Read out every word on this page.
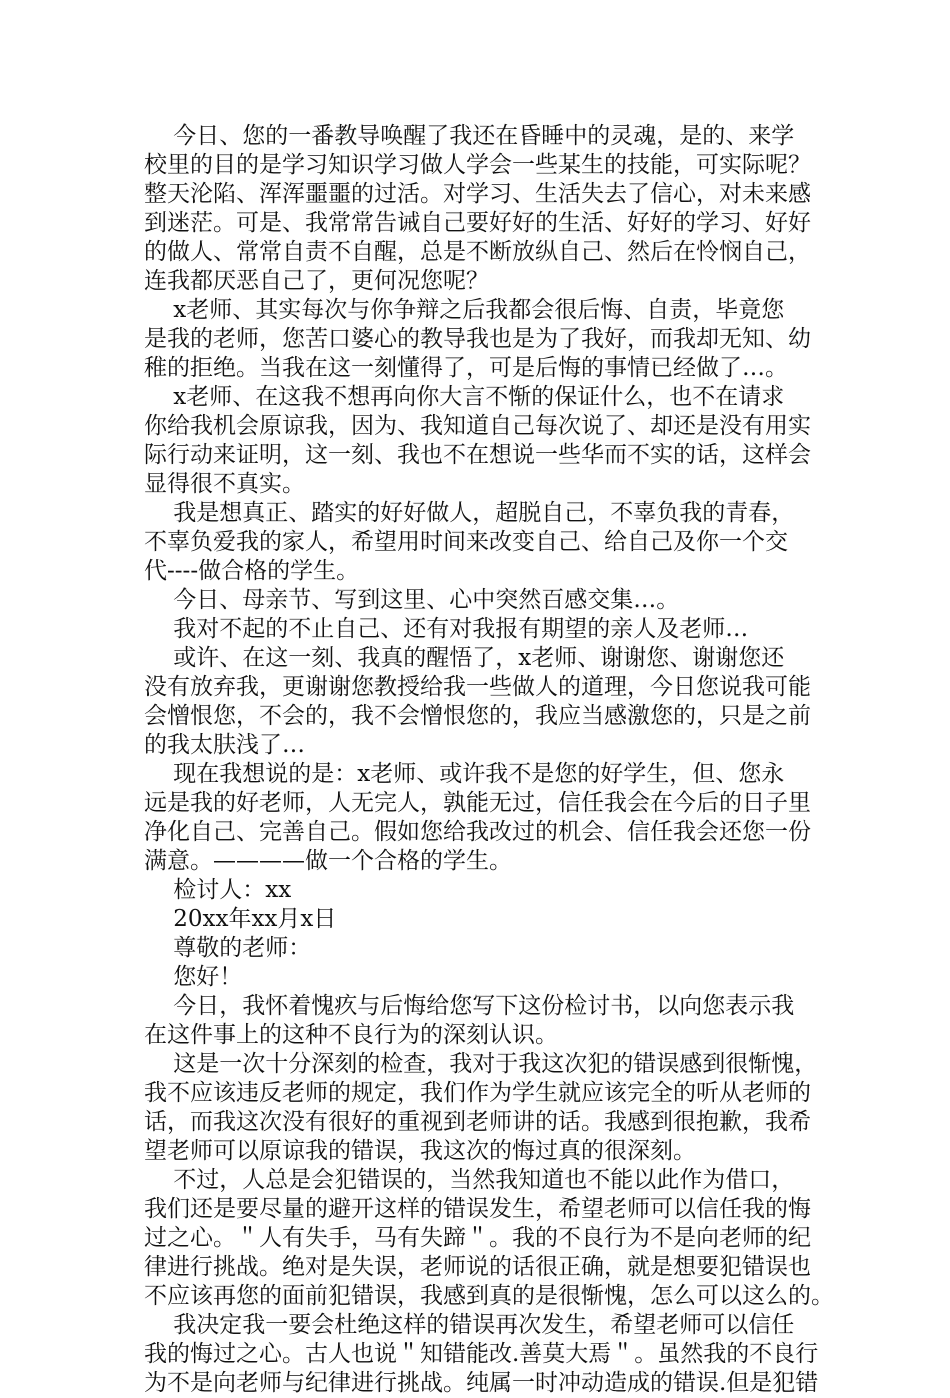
今日、您的一番教导唤醒了我还在昏睡中的灵魂，是的、来学
校里的目的是学习知识学习做人学会一些某生的技能，可实际呢？
整天沦陷、浑浑噩噩的过活。对学习、生活失去了信心，对未来感
到迷茫。可是、我常常告诫自己要好好的生活、好好的学习、好好
的做人、常常自责不自醒，总是不断放纵自己、然后在怜悯自己，
连我都厌恶自己了，更何况您呢？
x老师、其实每次与你争辩之后我都会很后悔、自责，毕竟您
是我的老师，您苦口婆心的教导我也是为了我好，而我却无知、幼
稚的拒绝。当我在这一刻懂得了，可是后悔的事情已经做了…。
x老师、在这我不想再向你大言不惭的保证什么，也不在请求
你给我机会原谅我，因为、我知道自己每次说了、却还是没有用实
际行动来证明，这一刻、我也不在想说一些华而不实的话，这样会
显得很不真实。
我是想真正、踏实的好好做人，超脱自己，不辜负我的青春，
不辜负爱我的家人，希望用时间来改变自己、给自己及你一个交
代----做合格的学生。
今日、母亲节、写到这里、心中突然百感交集…。
我对不起的不止自己、还有对我报有期望的亲人及老师…
或许、在这一刻、我真的醒悟了，x老师、谢谢您、谢谢您还
没有放弃我，更谢谢您教授给我一些做人的道理，今日您说我可能
会憎恨您，不会的，我不会憎恨您的，我应当感激您的，只是之前
的我太肤浅了…
现在我想说的是：x老师、或许我不是您的好学生，但、您永
远是我的好老师，人无完人，孰能无过，信任我会在今后的日子里
净化自己、完善自己。假如您给我改过的机会、信任我会还您一份
满意。————做一个合格的学生。
检讨人：xx
20xx年xx月x日
尊敬的老师：
您好！
今日，我怀着愧疚与后悔给您写下这份检讨书，以向您表示我
在这件事上的这种不良行为的深刻认识。
这是一次十分深刻的检查，我对于我这次犯的错误感到很惭愧，
我不应该违反老师的规定，我们作为学生就应该完全的听从老师的
话，而我这次没有很好的重视到老师讲的话。我感到很抱歉，我希
望老师可以原谅我的错误，我这次的悔过真的很深刻。
不过，人总是会犯错误的，当然我知道也不能以此作为借口，
我们还是要尽量的避开这样的错误发生，希望老师可以信任我的悔
过之心。＂人有失手，马有失蹄＂。我的不良行为不是向老师的纪
律进行挑战。绝对是失误，老师说的话很正确，就是想要犯错误也
不应该再您的面前犯错误，我感到真的是很惭愧，怎么可以这么的。
我决定我一要会杜绝这样的错误再次发生，希望老师可以信任
我的悔过之心。古人也说＂知错能改.善莫大焉＂。虽然我的不良行
为不是向老师与纪律进行挑战。纯属一时冲动造成的错误.但是犯错
